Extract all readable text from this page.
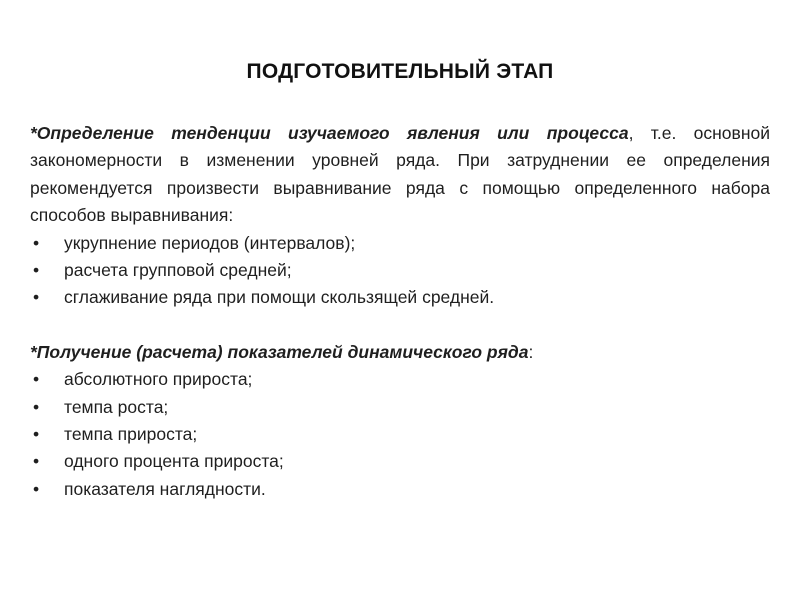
ПОДГОТОВИТЕЛЬНЫЙ ЭТАП

*Определение тенденции изучаемого явления или процесса, т.е. основной закономерности в изменении уровней ряда. При затруднении ее определения рекомендуется произвести выравнивание ряда с помощью определенного набора способов выравнивания:

• укрупнение периодов (интервалов);
• расчета групповой средней;
• сглаживание ряда при помощи скользящей средней.

*Получение (расчета) показателей динамического ряда:

• абсолютного прироста;
• темпа роста;
• темпа прироста;
• одного процента прироста;
• показателя наглядности.
